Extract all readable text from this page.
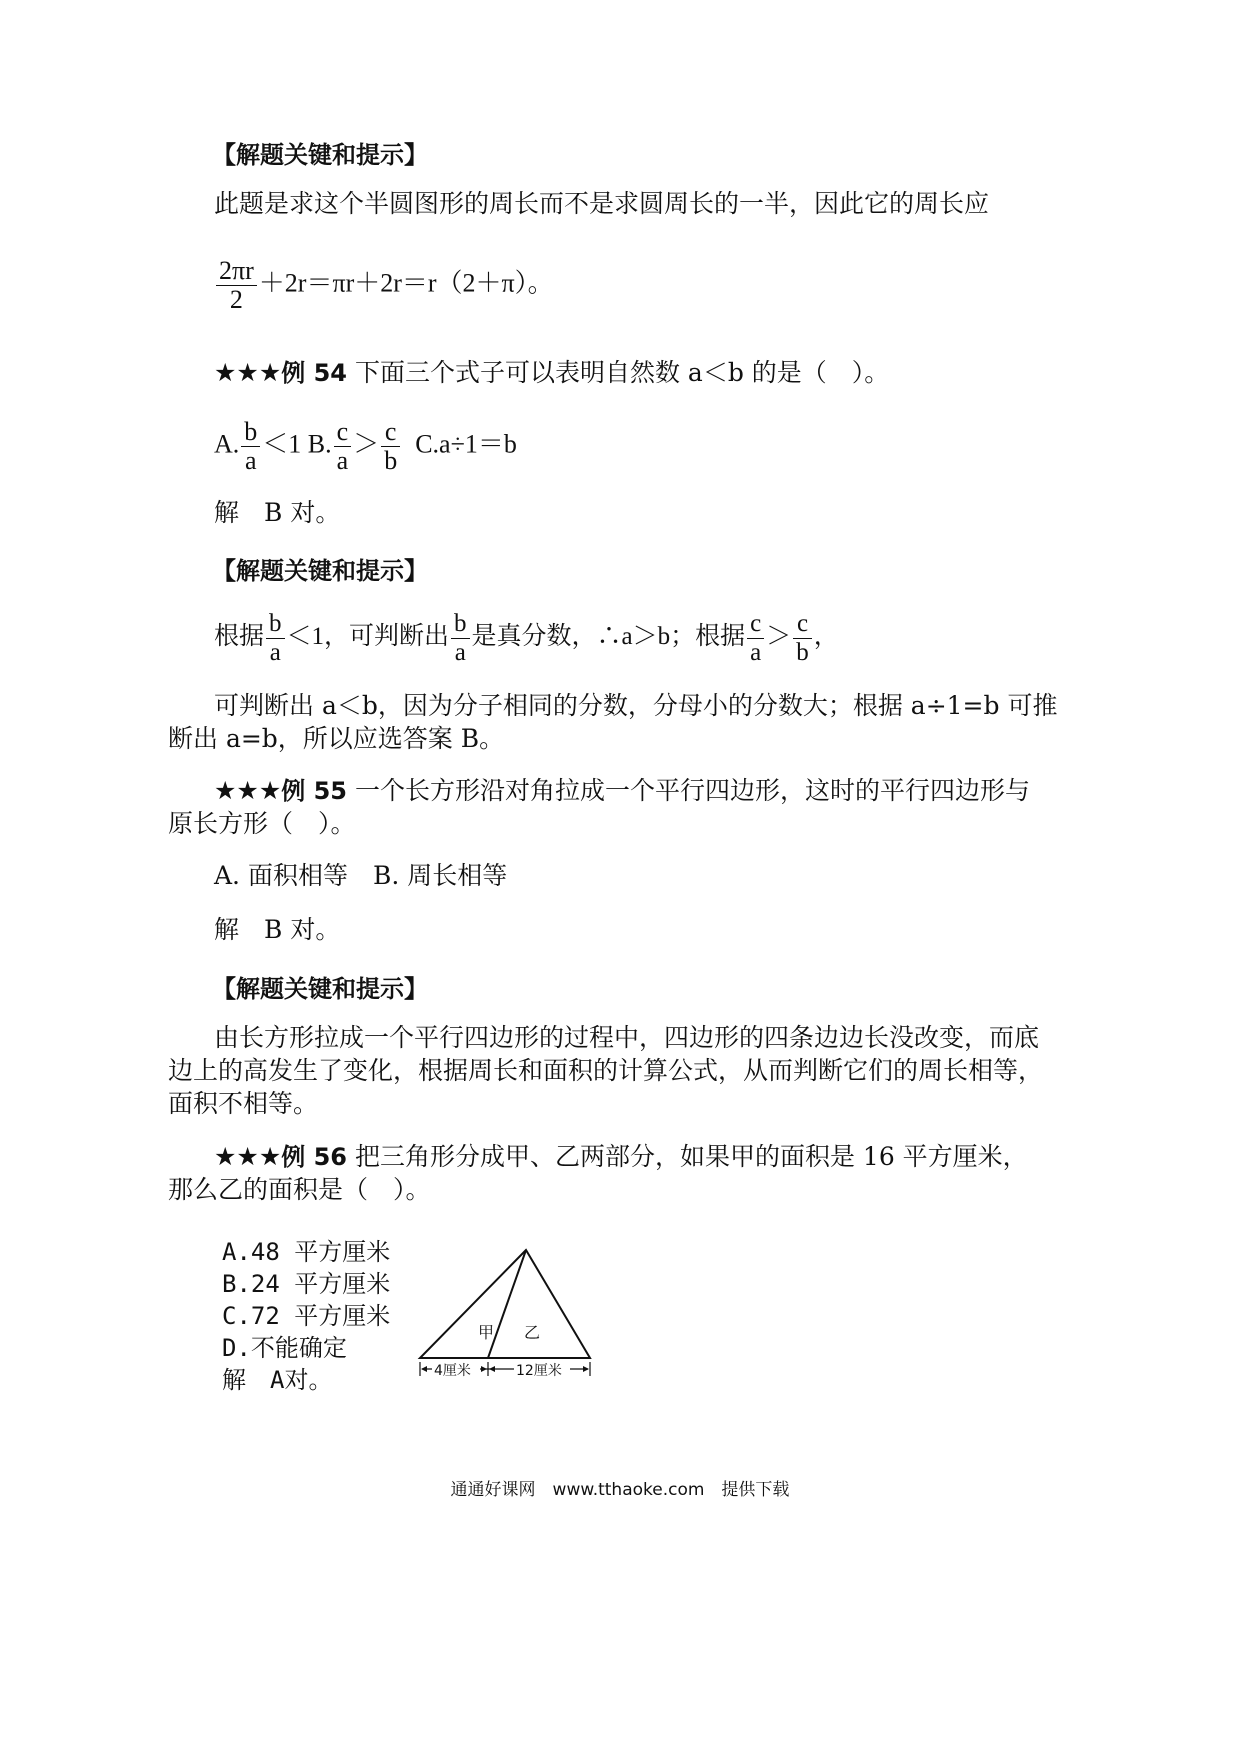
【解题关键和提示】
此题是求这个半圆图形的周长而不是求圆周长的一半，因此它的周长应
$\frac{2\pi r}{2} +2r=\pi r+2r=r(2+\pi)$。
★★★例 54 下面三个式子可以表明自然数 a＜b 的是（　）。
A. $\frac{b}{a} <1$ B. $\frac{c}{a} > \frac{c}{b} C.a\div 1=b$
解　B 对。
【解题关键和提示】
根据 $\frac{b}{a} <1$，可判断出 $\frac{b}{a}$ 是真分数，∴a＞b；根据 $\frac{c}{a} > \frac{c}{b}$ ，
可判断出 a＜b，因为分子相同的分数，分母小的分数大；根据 a÷1=b 可推
断出 a=b，所以应选答案 B。
★★★例 55 一个长方形沿对角拉成一个平行四边形，这时的平行四边形与
原长方形（　）。
A. 面积相等　B. 周长相等
解　B 对。
【解题关键和提示】
由长方形拉成一个平行四边形的过程中，四边形的四条边边长没改变，而底
边上的高发生了变化，根据周长和面积的计算公式，从而判断它们的周长相等，
面积不相等。
★★★例 56 把三角形分成甲、乙两部分，如果甲的面积是 16 平方厘米，
那么乙的面积是（　）。
A.48 平方厘米
B.24 平方厘米
C.72 平方厘米
D.不能确定
解　A对。
甲 乙
4厘米	12厘米
通通好课网　www.tthaoke.com　提供下载
